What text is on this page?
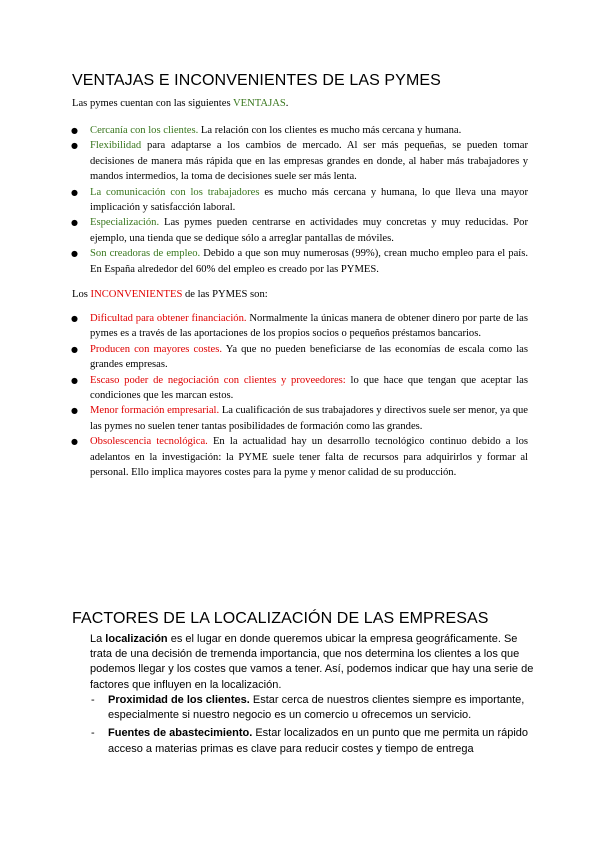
VENTAJAS E INCONVENIENTES DE LAS PYMES
Las pymes cuentan con las siguientes VENTAJAS.
● Cercanía con los clientes. La relación con los clientes es mucho más cercana y humana.
● Flexibilidad para adaptarse a los cambios de mercado. Al ser más pequeñas, se pueden tomar decisiones de manera más rápida que en las empresas grandes en donde, al haber más trabajadores y mandos intermedios, la toma de decisiones suele ser más lenta.
● La comunicación con los trabajadores es mucho más cercana y humana, lo que lleva una mayor implicación y satisfacción laboral.
● Especialización. Las pymes pueden centrarse en actividades muy concretas y muy reducidas. Por ejemplo, una tienda que se dedique sólo a arreglar pantallas de móviles.
● Son creadoras de empleo. Debido a que son muy numerosas (99%), crean mucho empleo para el país. En España alrededor del 60% del empleo es creado por las PYMES.
Los INCONVENIENTES de las PYMES son:
● Dificultad para obtener financiación. Normalmente la únicas manera de obtener dinero por parte de las pymes es a través de las aportaciones de los propios socios o pequeños préstamos bancarios.
● Producen con mayores costes. Ya que no pueden beneficiarse de las economías de escala como las grandes empresas.
● Escaso poder de negociación con clientes y proveedores: lo que hace que tengan que aceptar las condiciones que les marcan estos.
● Menor formación empresarial. La cualificación de sus trabajadores y directivos suele ser menor, ya que las pymes no suelen tener tantas posibilidades de formación como las grandes.
● Obsolescencia tecnológica. En la actualidad hay un desarrollo tecnológico continuo debido a los adelantos en la investigación: la PYME suele tener falta de recursos para adquirirlos y formar al personal. Ello implica mayores costes para la pyme y menor calidad de su producción.
FACTORES DE LA LOCALIZACIÓN DE LAS EMPRESAS
La localización es el lugar en donde queremos ubicar la empresa geográficamente. Se trata de una decisión de tremenda importancia, que nos determina los clientes a los que podemos llegar y los costes que vamos a tener. Así, podemos indicar que hay una serie de factores que influyen en la localización.
- Proximidad de los clientes. Estar cerca de nuestros clientes siempre es importante, especialmente si nuestro negocio es un comercio u ofrecemos un servicio.
- Fuentes de abastecimiento. Estar localizados en un punto que me permita un rápido acceso a materias primas es clave para reducir costes y tiempo de entrega
